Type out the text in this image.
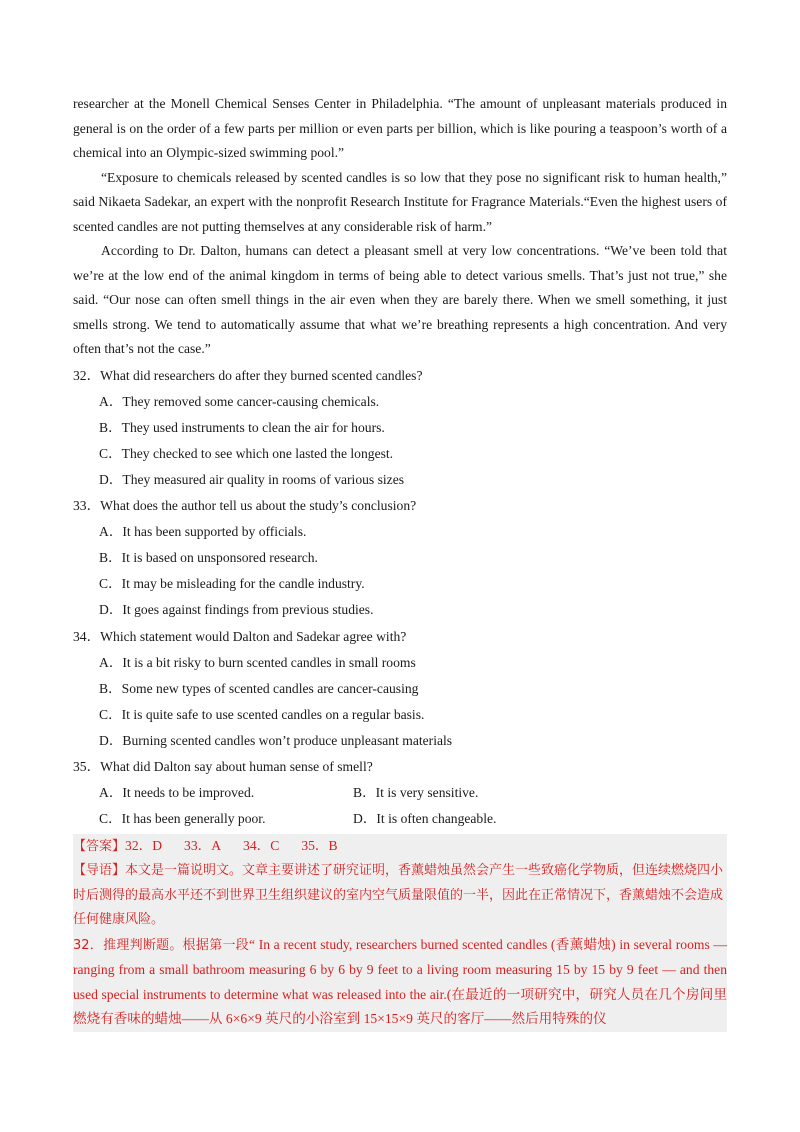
researcher at the Monell Chemical Senses Center in Philadelphia. “The amount of unpleasant materials produced in general is on the order of a few parts per million or even parts per billion, which is like pouring a teaspoon’s worth of a chemical into an Olympic-sized swimming pool.”

“Exposure to chemicals released by scented candles is so low that they pose no significant risk to human health,” said Nikaeta Sadekar, an expert with the nonprofit Research Institute for Fragrance Materials.“Even the highest users of scented candles are not putting themselves at any considerable risk of harm.”

According to Dr. Dalton, humans can detect a pleasant smell at very low concentrations. “We’ve been told that we’re at the low end of the animal kingdom in terms of being able to detect various smells. That’s just not true,” she said. “Our nose can often smell things in the air even when they are barely there. When we smell something, it just smells strong. We tend to automatically assume that what we’re breathing represents a high concentration. And very often that’s not the case.”

32．What did researchers do after they burned scented candles?

A．They removed some cancer-causing chemicals.

B．They used instruments to clean the air for hours.

C．They checked to see which one lasted the longest.

D．They measured air quality in rooms of various sizes

33．What does the author tell us about the study’s conclusion?

A．It has been supported by officials.

B．It is based on unsponsored research.

C．It may be misleading for the candle industry.

D．It goes against findings from previous studies.

34．Which statement would Dalton and Sadekar agree with?

A．It is a bit risky to burn scented candles in small rooms

B．Some new types of scented candles are cancer-causing

C．It is quite safe to use scented candles on a regular basis.

D．Burning scented candles won’t produce unpleasant materials

35．What did Dalton say about human sense of smell?

A．It needs to be improved.	B．It is very sensitive.
C．It has been generally poor.	D．It is often changeable.

【答案】32．D 33．A 34．C 35．B

【导语】本文是一篇说明文。文章主要讲述了研究证明，香薰蜡烛虽然会产生一些致癌化学物质，但连续燃烧四小时后测得的最高水平还不到世界卫生组织建议的室内空气质量限值的一半，因此在正常情况下，香薰蜡烛不会造成任何健康风险。

32．推理判断题。根据第一段“ In a recent study, researchers burned scented candles (香薰蜡烛) in several rooms — ranging from a small bathroom measuring 6 by 6 by 9 feet to a living room measuring 15 by 15 by 9 feet — and then used special instruments to determine what was released into the air.(在最近的一项研究中，研究人员在几个房间里燃烧有香味的蜡烛——从 6×6×9 英尺的小浴室到 15×15×9 英尺的客厅——然后用特殊的仪
